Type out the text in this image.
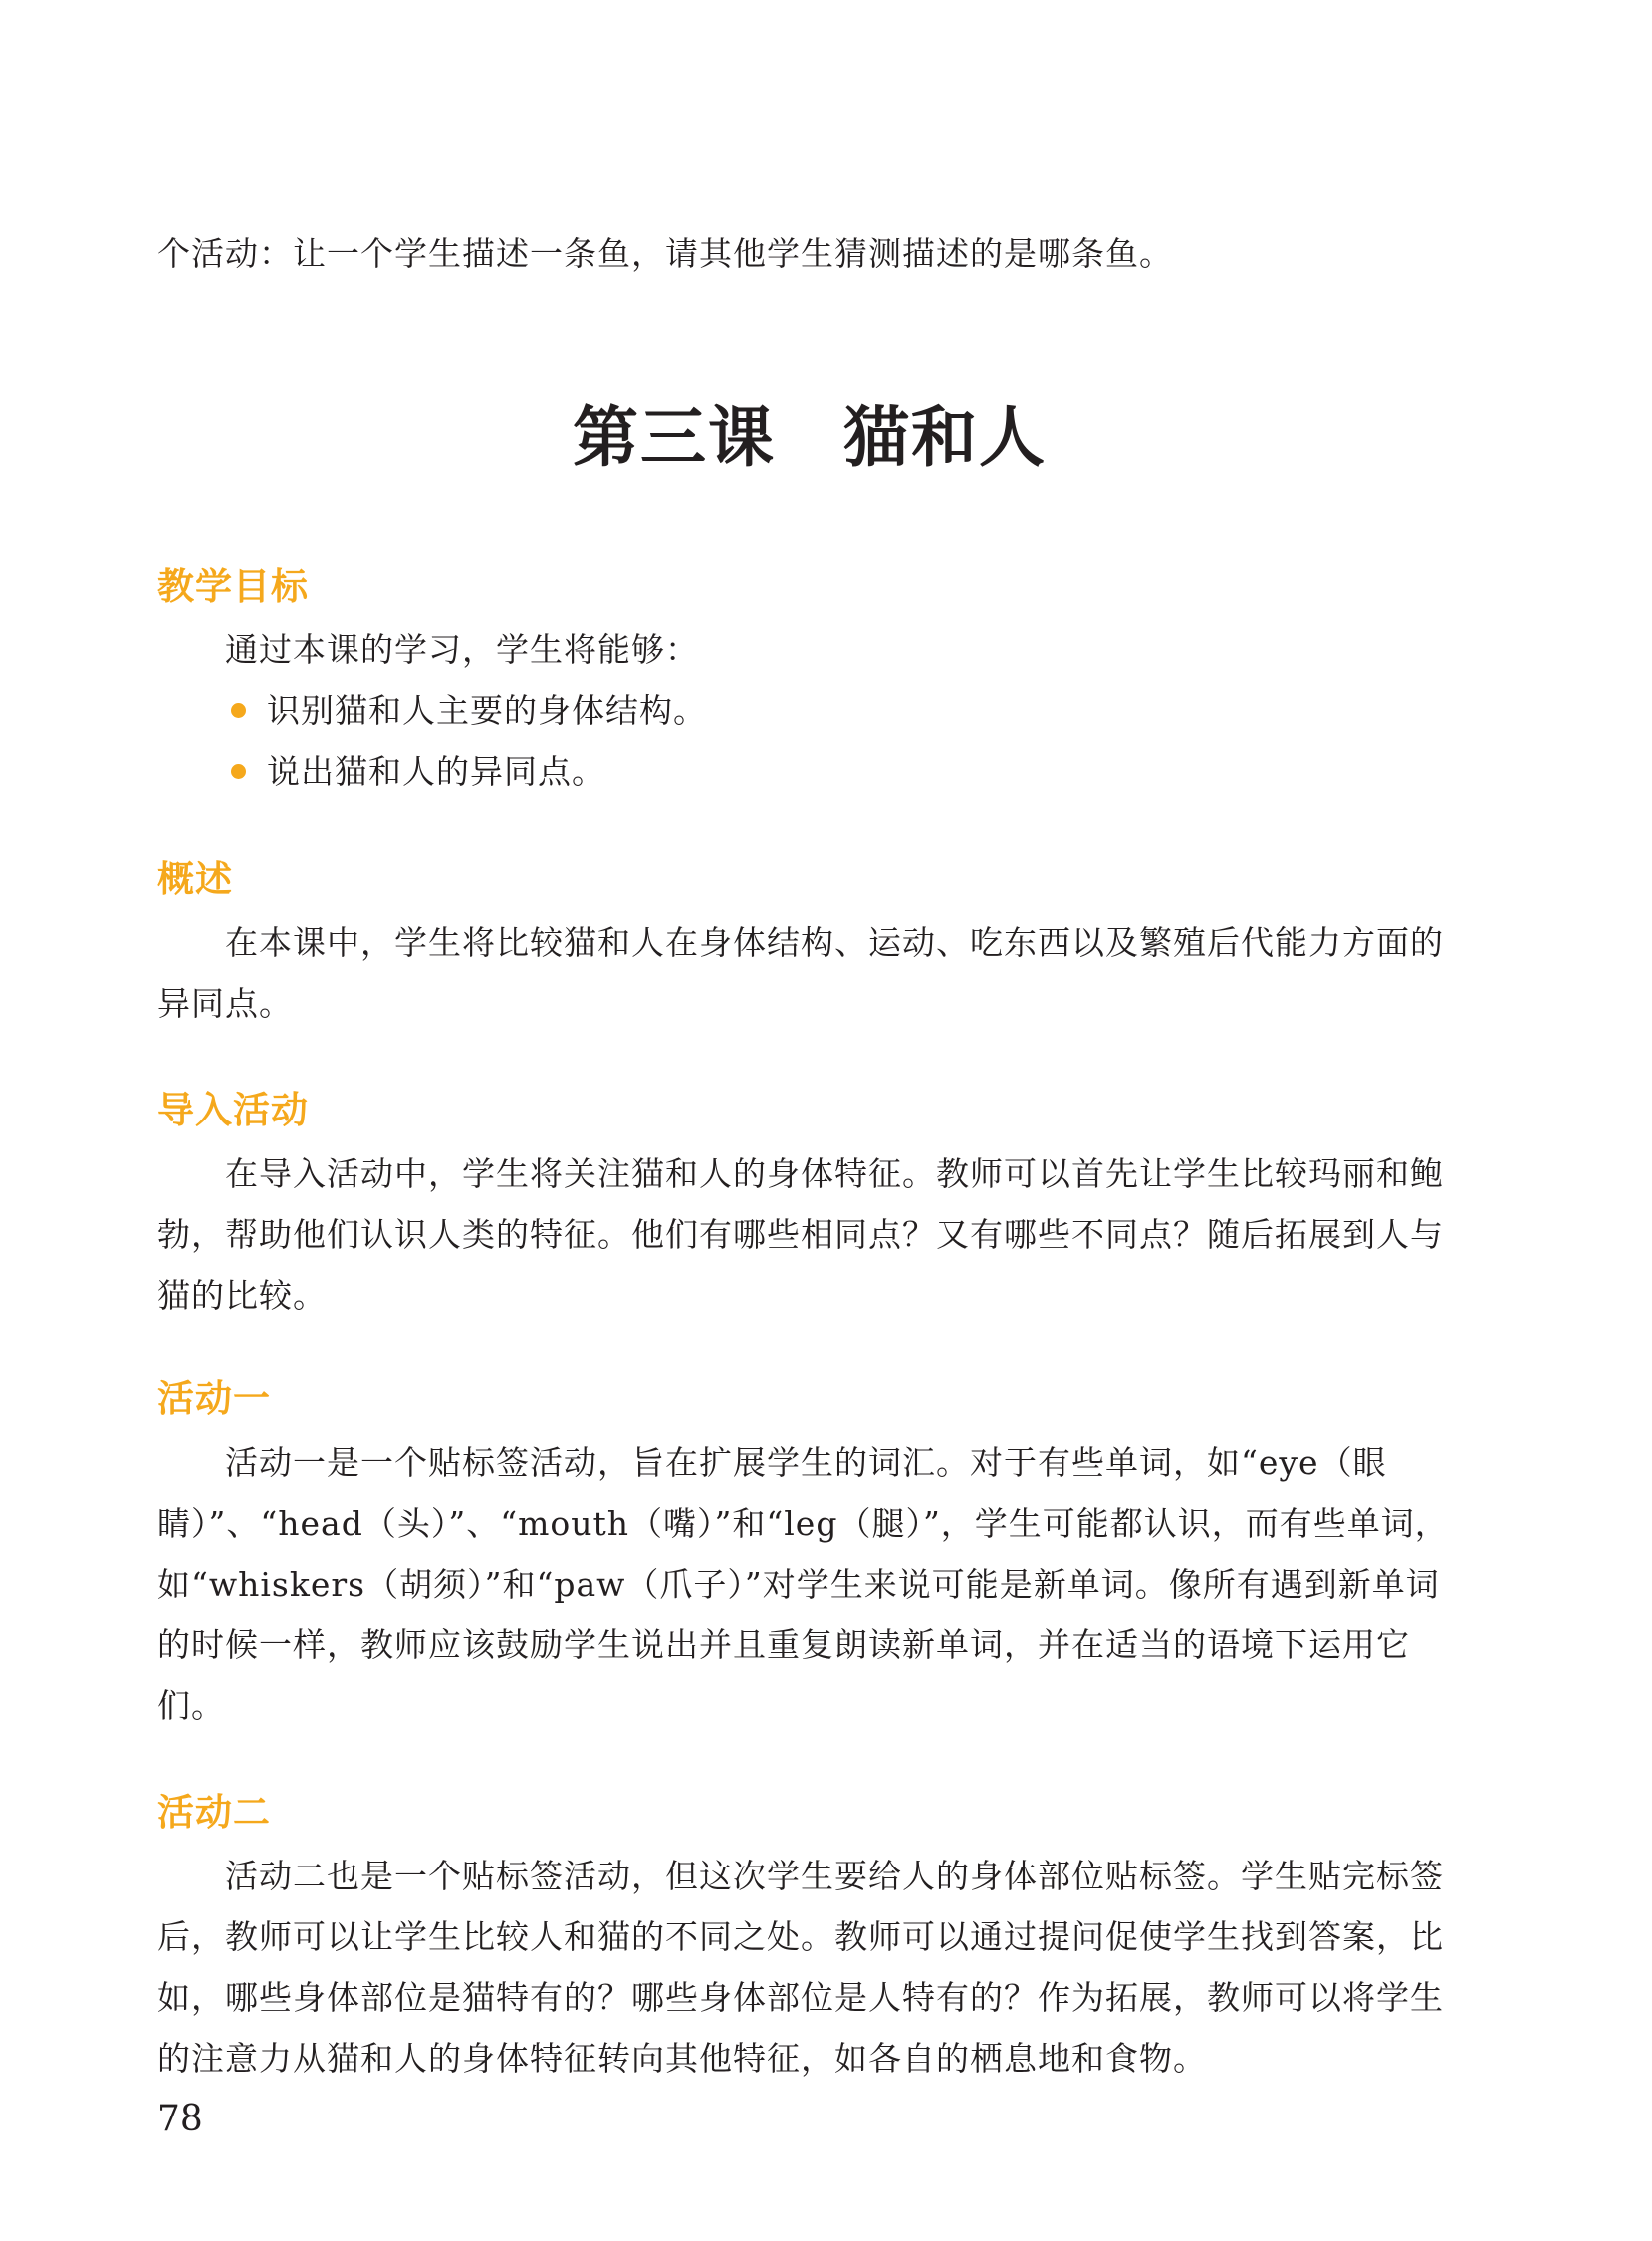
个活动：让一个学生描述一条鱼，请其他学生猜测描述的是哪条鱼。

第三课　猫和人
教学目标

通过本课的学习，学生将能够：

识别猫和人主要的身体结构。
说出猫和人的异同点。
概述

在本课中，学生将比较猫和人在身体结构、运动、吃东西以及繁殖后代能力方面的异同点。

导入活动

在导入活动中，学生将关注猫和人的身体特征。教师可以首先让学生比较玛丽和鲍勃，帮助他们认识人类的特征。他们有哪些相同点？又有哪些不同点？随后拓展到人与猫的比较。

活动一

活动一是一个贴标签活动，旨在扩展学生的词汇。对于有些单词，如“eye（眼睛）”、“head（头）”、“mouth（嘴）”和“leg（腿）”，学生可能都认识，而有些单词，如“whiskers（胡须）”和“paw（爪子）”对学生来说可能是新单词。像所有遇到新单词的时候一样，教师应该鼓励学生说出并且重复朗读新单词，并在适当的语境下运用它们。

活动二

活动二也是一个贴标签活动，但这次学生要给人的身体部位贴标签。学生贴完标签后，教师可以让学生比较人和猫的不同之处。教师可以通过提问促使学生找到答案，比如，哪些身体部位是猫特有的？哪些身体部位是人特有的？作为拓展，教师可以将学生的注意力从猫和人的身体特征转向其他特征，如各自的栖息地和食物。

78
